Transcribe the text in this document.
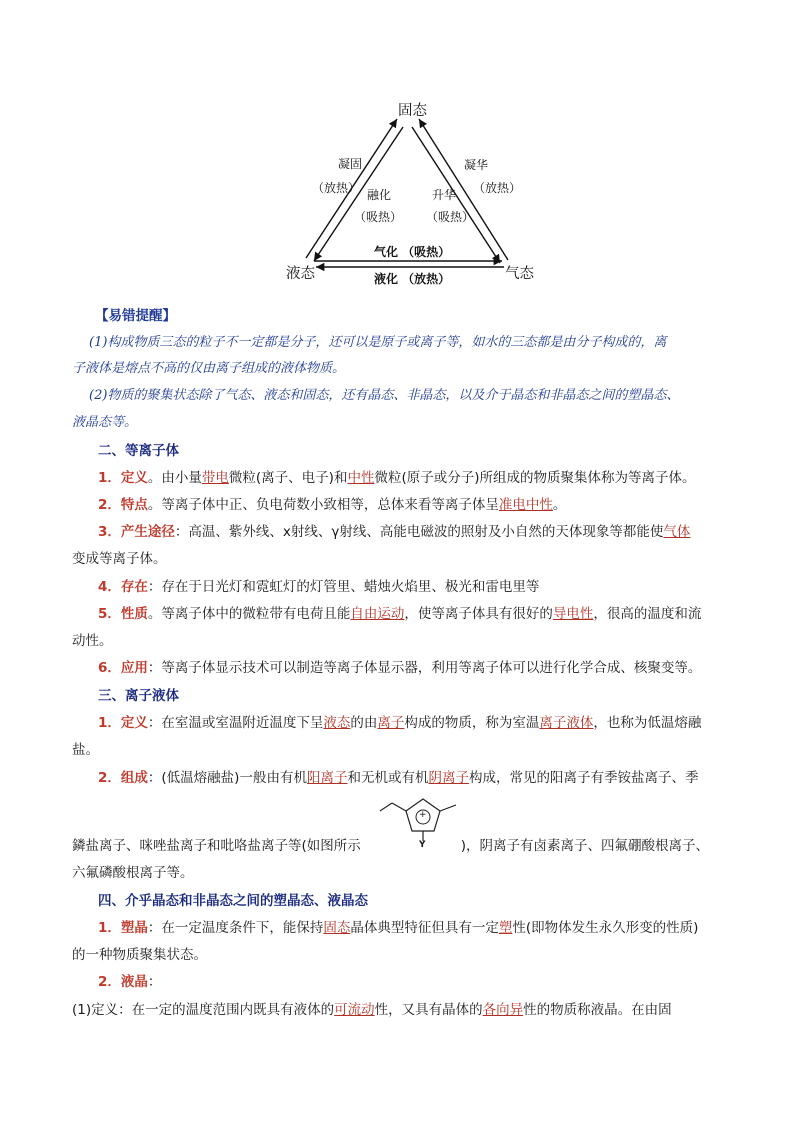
固态
液态	气态
凝固
（放热） 融化
（吸热）
升华
（吸热）
凝华
（放热）
气化 （吸热）
液化 （放热）
【易错提醒】
(1)构成物质三态的粒子不一定都是分子，还可以是原子或离子等，如水的三态都是由分子构成的，离
子液体是熔点不高的仅由离子组成的液体物质。
(2)物质的聚集状态除了气态、液态和固态，还有晶态、非晶态，以及介于晶态和非晶态之间的塑晶态、
液晶态等。
二、等离子体
1．定义。由小量带电微粒(离子、电子)和中性微粒(原子或分子)所组成的物质聚集体称为等离子体。
2．特点。等离子体中正、负电荷数小致相等，总体来看等离子体呈准电中性。
3．产生途径：高温、紫外线、x射线、γ射线、高能电磁波的照射及小自然的天体现象等都能使气体
变成等离子体。
4．存在：存在于日光灯和霓虹灯的灯管里、蜡烛火焰里、极光和雷电里等
5．性质。等离子体中的微粒带有电荷且能自由运动，使等离子体具有很好的导电性，很高的温度和流
动性。
6．应用：等离子体显示技术可以制造等离子体显示器，利用等离子体可以进行化学合成、核聚变等。
三、离子液体
1．定义：在室温或室温附近温度下呈液态的由离子构成的物质，称为室温离子液体，也称为低温熔融
盐。
2．组成：(低温熔融盐)一般由有机阳离子和无机或有机阴离子构成，常见的阳离子有季铵盐离子、季
+
Y
鏻盐离子、咪唑盐离子和吡咯盐离子等(如图所示	)，阴离子有卤素离子、四氟硼酸根离子、
六氟磷酸根离子等。
四、介乎晶态和非晶态之间的塑晶态、液晶态
1．塑晶：在一定温度条件下，能保持固态晶体典型特征但具有一定塑性(即物体发生永久形变的性质)
的一种物质聚集状态。
2．液晶：
(1)定义：在一定的温度范围内既具有液体的可流动性，又具有晶体的各向异性的物质称液晶。在由固
